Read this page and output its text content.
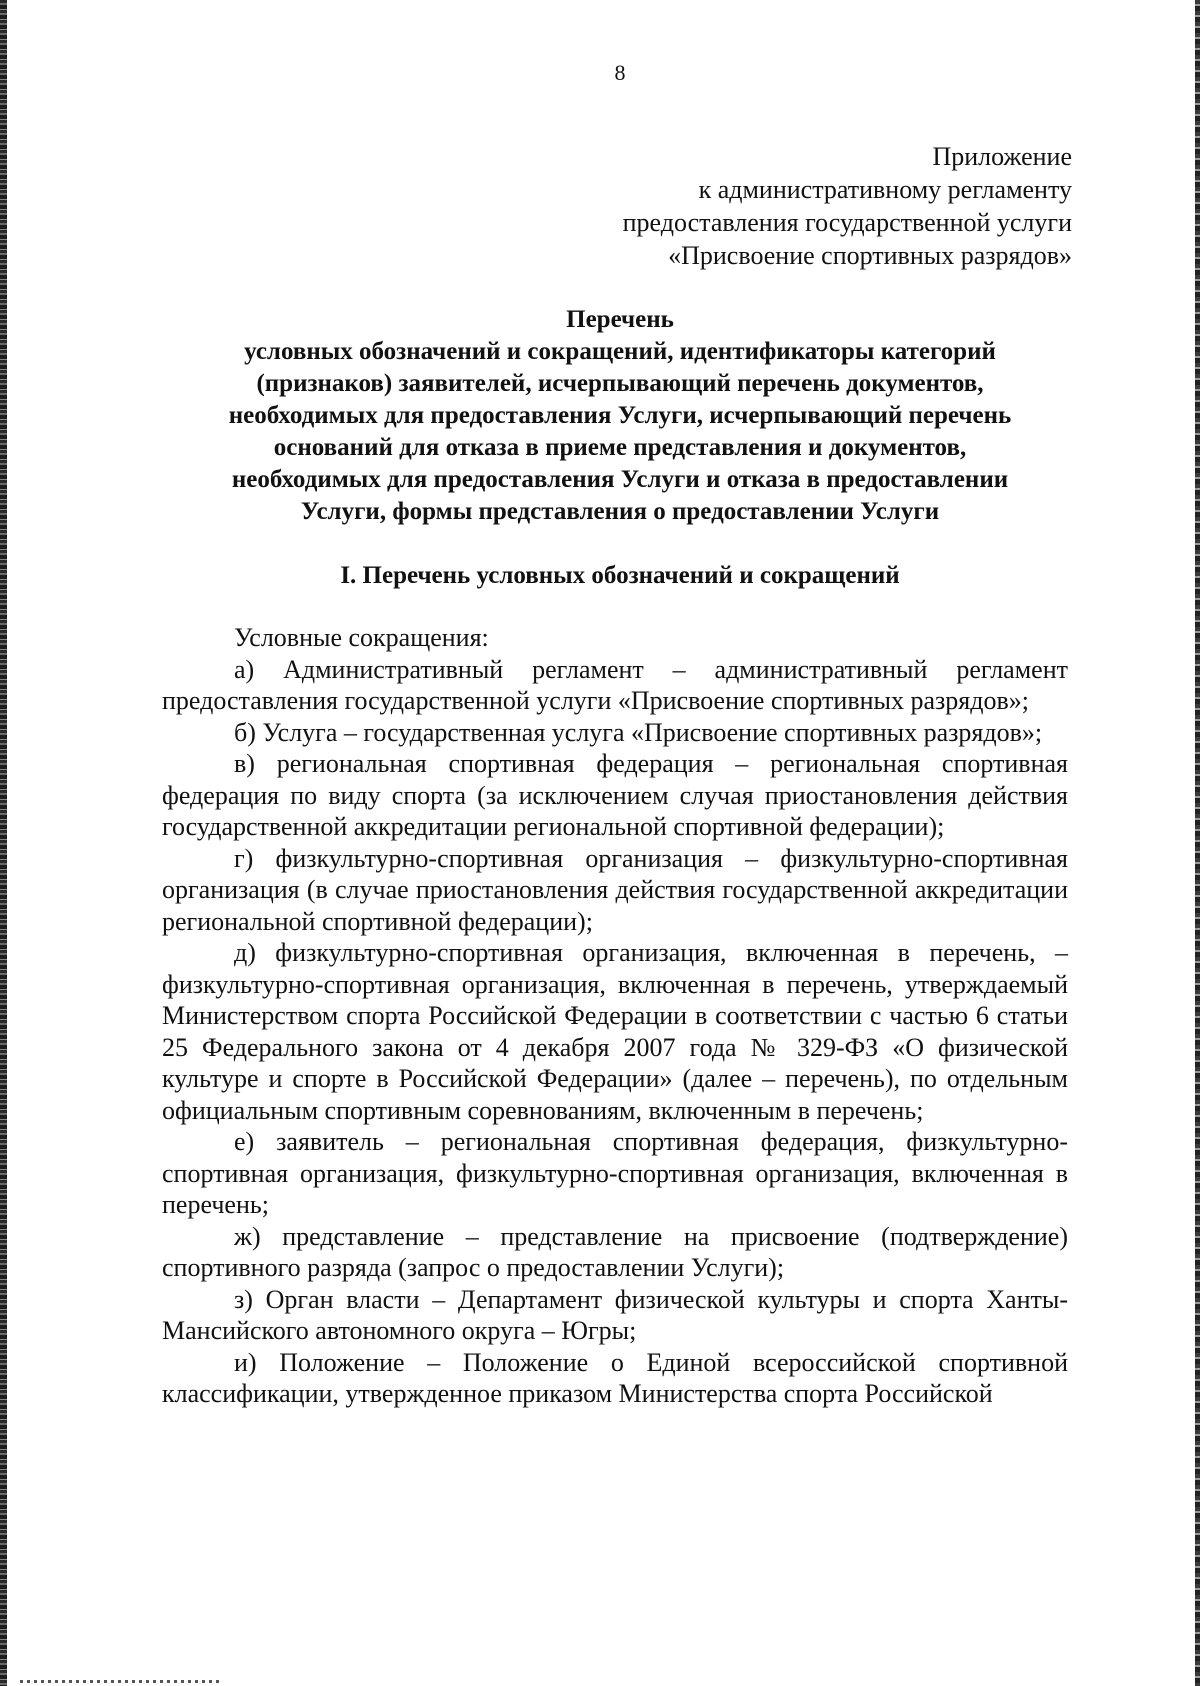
8
Приложение
к административному регламенту
предоставления государственной услуги
«Присвоение спортивных разрядов»
Перечень
условных обозначений и сокращений, идентификаторы категорий
(признаков) заявителей, исчерпывающий перечень документов,
необходимых для предоставления Услуги, исчерпывающий перечень
оснований для отказа в приеме представления и документов,
необходимых для предоставления Услуги и отказа в предоставлении
Услуги, формы представления о предоставлении Услуги
I. Перечень условных обозначений и сокращений

Условные сокращения:

а) Административный регламент – административный регламент предоставления государственной услуги «Присвоение спортивных разрядов»;

б) Услуга – государственная услуга «Присвоение спортивных разрядов»;

в) региональная спортивная федерация – региональная спортивная федерация по виду спорта (за исключением случая приостановления действия государственной аккредитации региональной спортивной федерации);

г) физкультурно-спортивная организация – физкультурно-спортивная организация (в случае приостановления действия государственной аккредитации региональной спортивной федерации);

д) физкультурно-спортивная организация, включенная в перечень, – физкультурно-спортивная организация, включенная в перечень, утверждаемый Министерством спорта Российской Федерации в соответствии с частью 6 статьи 25 Федерального закона от 4 декабря 2007 года № 329-ФЗ «О физической культуре и спорте в Российской Федерации» (далее – перечень), по отдельным официальным спортивным соревнованиям, включенным в перечень;

е) заявитель – региональная спортивная федерация, физкультурно-спортивная организация, физкультурно-спортивная организация, включенная в перечень;

ж) представление – представление на присвоение (подтверждение) спортивного разряда (запрос о предоставлении Услуги);

з) Орган власти – Департамент физической культуры и спорта Ханты-Мансийского автономного округа – Югры;

и) Положение – Положение о Единой всероссийской спортивной классификации, утвержденное приказом Министерства спорта Российской
